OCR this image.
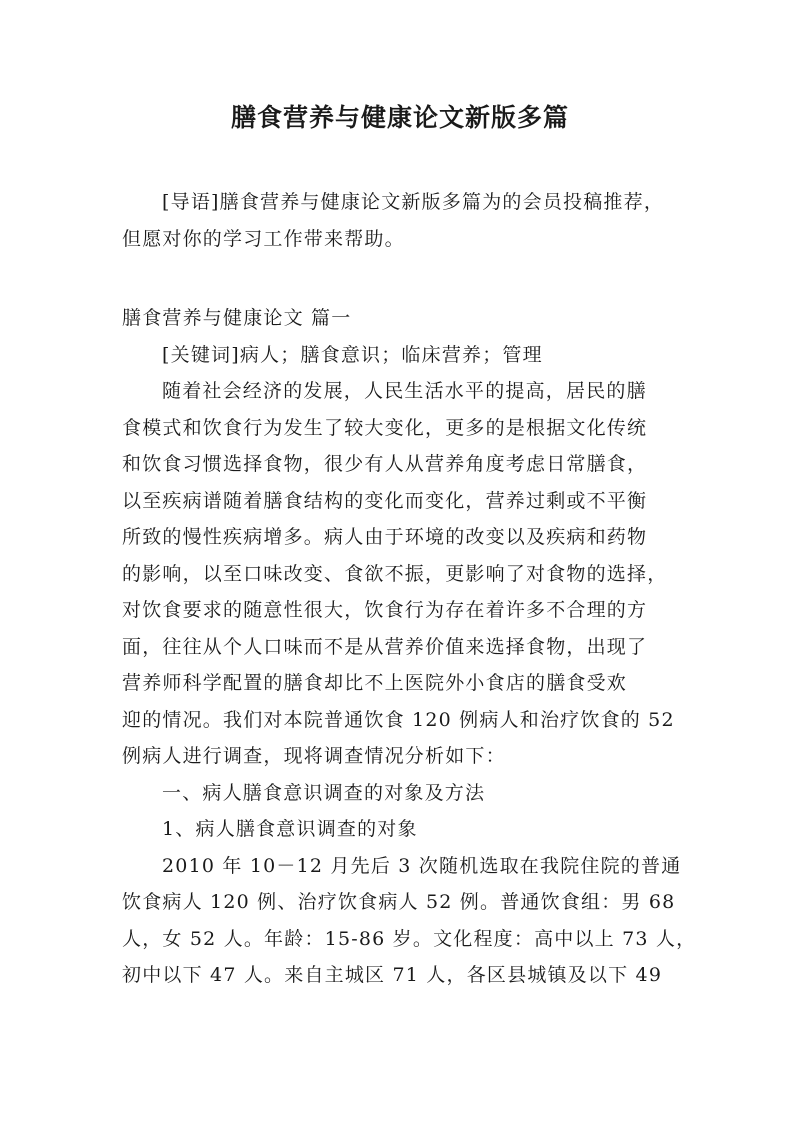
膳食营养与健康论文新版多篇
[导语]膳食营养与健康论文新版多篇为的会员投稿推荐，
但愿对你的学习工作带来帮助。
膳食营养与健康论文 篇一
[关键词]病人；膳食意识；临床营养；管理
随着社会经济的发展，人民生活水平的提高，居民的膳
食模式和饮食行为发生了较大变化，更多的是根据文化传统
和饮食习惯选择食物，很少有人从营养角度考虑日常膳食，
以至疾病谱随着膳食结构的变化而变化，营养过剩或不平衡
所致的慢性疾病增多。病人由于环境的改变以及疾病和药物
的影响，以至口味改变、食欲不振，更影响了对食物的选择，
对饮食要求的随意性很大，饮食行为存在着许多不合理的方
面，往往从个人口味而不是从营养价值来选择食物，出现了
营养师科学配置的膳食却比不上医院外小食店的膳食受欢
迎的情况。我们对本院普通饮食 120 例病人和治疗饮食的 52
例病人进行调查，现将调查情况分析如下：
一、病人膳食意识调查的对象及方法
1、病人膳食意识调查的对象
2010 年 10－12 月先后 3 次随机选取在我院住院的普通
饮食病人 120 例、治疗饮食病人 52 例。普通饮食组：男 68
人，女 52 人。年龄：15-86 岁。文化程度：高中以上 73 人，
初中以下 47 人。来自主城区 71 人，各区县城镇及以下 49
